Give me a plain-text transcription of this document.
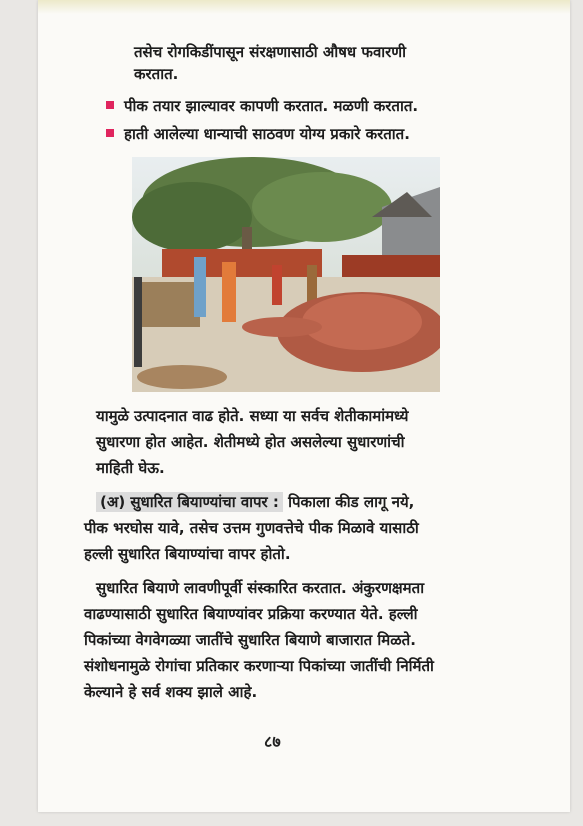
तसेच रोगकिडींपासून संरक्षणासाठी औषध फवारणी
करतात.
पीक तयार झाल्यावर कापणी करतात. मळणी करतात.
हाती आलेल्या धान्याची साठवण योग्य प्रकारे करतात.
यामुळे उत्पादनात वाढ होते. सध्या या सर्वच शेतीकामांमध्ये
सुधारणा होत आहेत. शेतीमध्ये होत असलेल्या सुधारणांची
माहिती घेऊ.
(अ) सुधारित बियाण्यांचा वापर : पिकाला कीड लागू नये,
पीक भरघोस यावे, तसेच उत्तम गुणवत्तेचे पीक मिळावे यासाठी
हल्ली सुधारित बियाण्यांचा वापर होतो.
सुधारित बियाणे लावणीपूर्वी संस्कारित करतात. अंकुरणक्षमता
वाढण्यासाठी सुधारित बियाण्यांवर प्रक्रिया करण्यात येते. हल्ली
पिकांच्या वेगवेगळ्या जातींचे सुधारित बियाणे बाजारात मिळते.
संशोधनामुळे रोगांचा प्रतिकार करणाऱ्या पिकांच्या जातींची निर्मिती
केल्याने हे सर्व शक्य झाले आहे.
८७
